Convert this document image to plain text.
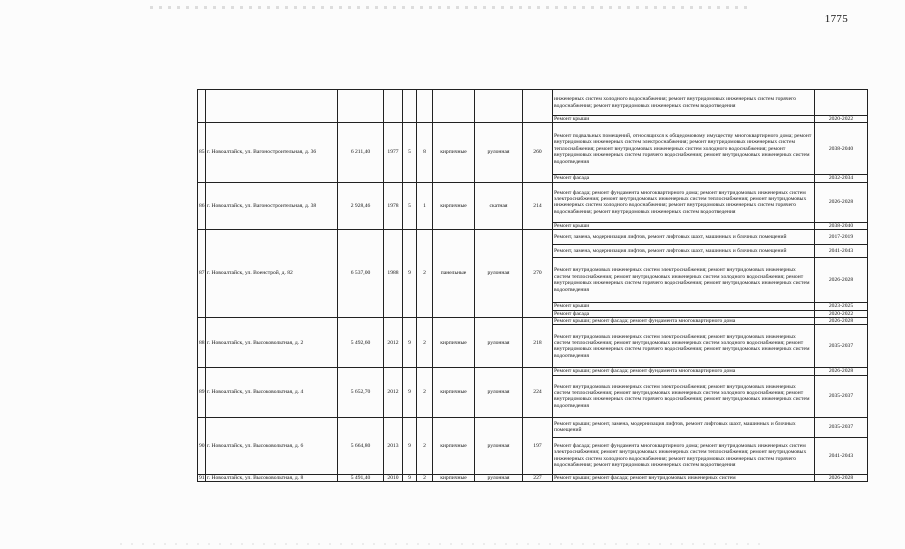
1775
									инженерных систем холодного водоснабжения; ремонт внутридомовых инженерных систем горячего водоснабжения; ремонт внутридомовых инженерных систем водоотведения	
									Ремонт крыши	2020-2022
85	г. Новоалтайск, ул. Вагоностроительная, д. 36	6 211,40	1977	5	8	кирпичные	рулонная	260	Ремонт подвальных помещений, относящихся к общедомовому имуществу многоквартирного дома; ремонт внутридомовых инженерных систем электроснабжения; ремонт внутридомовых инженерных систем теплоснабжения; ремонт внутридомовых инженерных систем холодного водоснабжения; ремонт внутридомовых инженерных систем горячего водоснабжения; ремонт внутридомовых инженерных систем водоотведения	2038-2040
									Ремонт фасада	2032-2034
86	г. Новоалтайск, ул. Вагоностроительная, д. 38	2 928,46	1978	5	1	кирпичные	скатная	214	Ремонт фасада; ремонт фундамента многоквартирного дома; ремонт внутридомовых инженерных систем электроснабжения; ремонт внутридомовых инженерных систем теплоснабжения; ремонт внутридомовых инженерных систем холодного водоснабжения; ремонт внутридомовых инженерных систем горячего водоснабжения; ремонт внутридомовых инженерных систем водоотведения	2026-2028
									Ремонт крыши	2038-2040
87	г. Новоалтайск, ул. Военстрой, д. 82	6 537,00	1988	9	2	панельные	рулонная	270	Ремонт, замена, модернизация лифтов, ремонт лифтовых шахт, машинных и блочных помещений	2017-2019
									Ремонт, замена, модернизация лифтов, ремонт лифтовых шахт, машинных и блочных помещений	2041-2043
									Ремонт внутридомовых инженерных систем электроснабжения; ремонт внутридомовых инженерных систем теплоснабжения; ремонт внутридомовых инженерных систем холодного водоснабжения; ремонт внутридомовых инженерных систем горячего водоснабжения; ремонт внутридомовых инженерных систем водоотведения	2026-2028
									Ремонт крыши	2023-2025
									Ремонт фасада	2020-2022
88	г. Новоалтайск, ул. Высоковольтная, д. 2	5 492,60	2012	9	2	кирпичные	рулонная	218	Ремонт крыши; ремонт фасада; ремонт фундамента многоквартирного дома	2026-2028
									Ремонт внутридомовых инженерных систем электроснабжения; ремонт внутридомовых инженерных систем теплоснабжения; ремонт внутридомовых инженерных систем холодного водоснабжения; ремонт внутридомовых инженерных систем горячего водоснабжения; ремонт внутридомовых инженерных систем водоотведения	2035-2037
89	г. Новоалтайск, ул. Высоковольтная, д. 4	5 652,70	2012	9	2	кирпичные	рулонная	224	Ремонт крыши; ремонт фасада; ремонт фундамента многоквартирного дома	2026-2028
									Ремонт внутридомовых инженерных систем электроснабжения; ремонт внутридомовых инженерных систем теплоснабжения; ремонт внутридомовых инженерных систем холодного водоснабжения; ремонт внутридомовых инженерных систем горячего водоснабжения; ремонт внутридомовых инженерных систем водоотведения	2035-2037
90	г. Новоалтайск, ул. Высоковольтная, д. 6	5 664,80	2013	9	2	кирпичные	рулонная	197	Ремонт крыши; ремонт, замена, модернизация лифтов, ремонт лифтовых шахт, машинных и блочных помещений	2035-2037
									Ремонт фасада; ремонт фундамента многоквартирного дома; ремонт внутридомовых инженерных систем электроснабжения; ремонт внутридомовых инженерных систем теплоснабжения; ремонт внутридомовых инженерных систем холодного водоснабжения; ремонт внутридомовых инженерных систем горячего водоснабжения; ремонт внутридомовых инженерных систем водоотведения	2041-2043
91	г. Новоалтайск, ул. Высоковольтная, д. 8	5 491,40	2010	9	2	кирпичные	рулонная	227	Ремонт крыши; ремонт фасада; ремонт внутридомовых инженерных систем	2026-2028
